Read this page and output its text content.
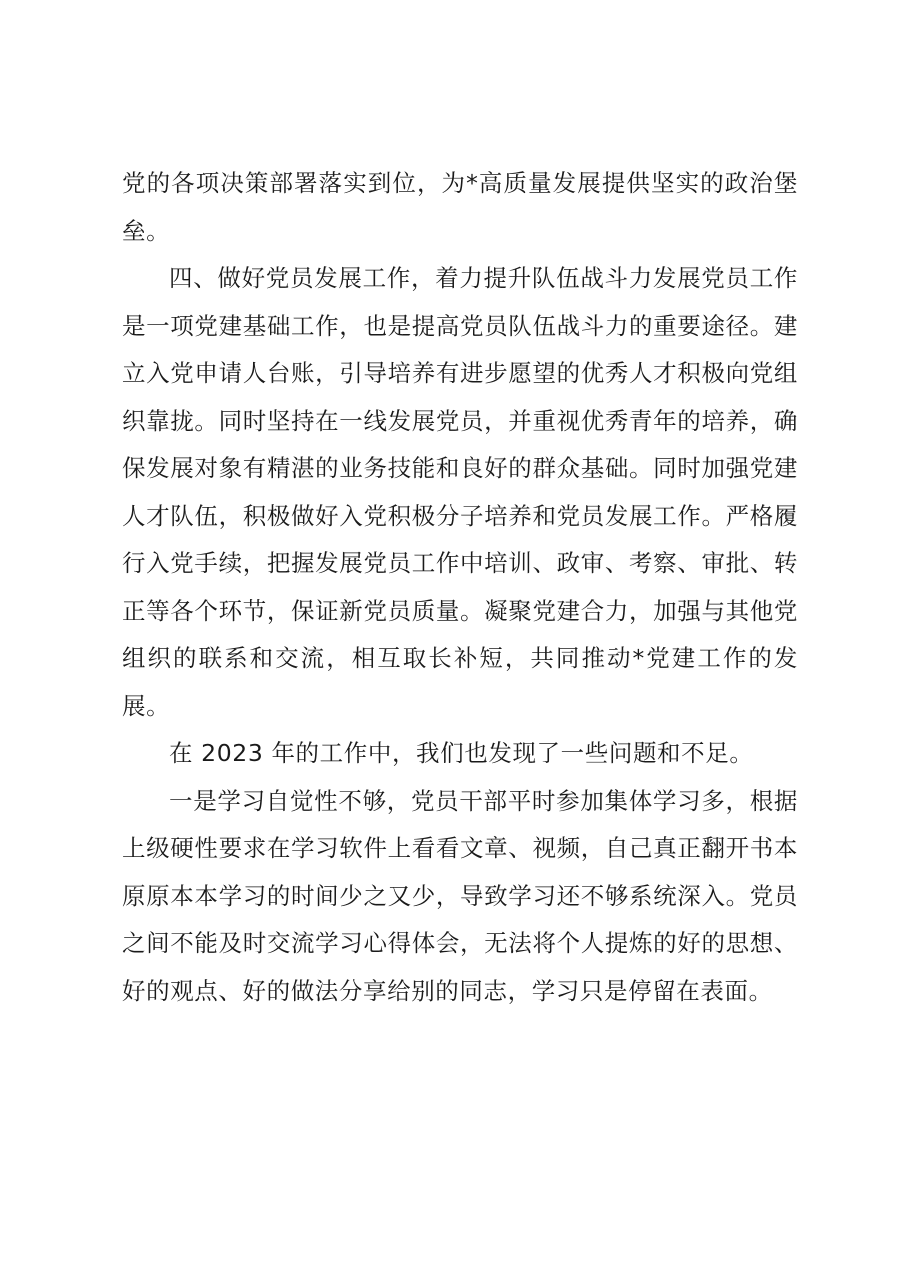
党的各项决策部署落实到位，为*高质量发展提供坚实的政治堡垒。

四、做好党员发展工作，着力提升队伍战斗力发展党员工作是一项党建基础工作，也是提高党员队伍战斗力的重要途径。建立入党申请人台账，引导培养有进步愿望的优秀人才积极向党组织靠拢。同时坚持在一线发展党员，并重视优秀青年的培养，确保发展对象有精湛的业务技能和良好的群众基础。同时加强党建人才队伍，积极做好入党积极分子培养和党员发展工作。严格履行入党手续，把握发展党员工作中培训、政审、考察、审批、转正等各个环节，保证新党员质量。凝聚党建合力，加强与其他党组织的联系和交流，相互取长补短，共同推动*党建工作的发展。

在 2023 年的工作中，我们也发现了一些问题和不足。

一是学习自觉性不够，党员干部平时参加集体学习多，根据上级硬性要求在学习软件上看看文章、视频，自己真正翻开书本原原本本学习的时间少之又少，导致学习还不够系统深入。党员之间不能及时交流学习心得体会，无法将个人提炼的好的思想、好的观点、好的做法分享给别的同志，学习只是停留在表面。
